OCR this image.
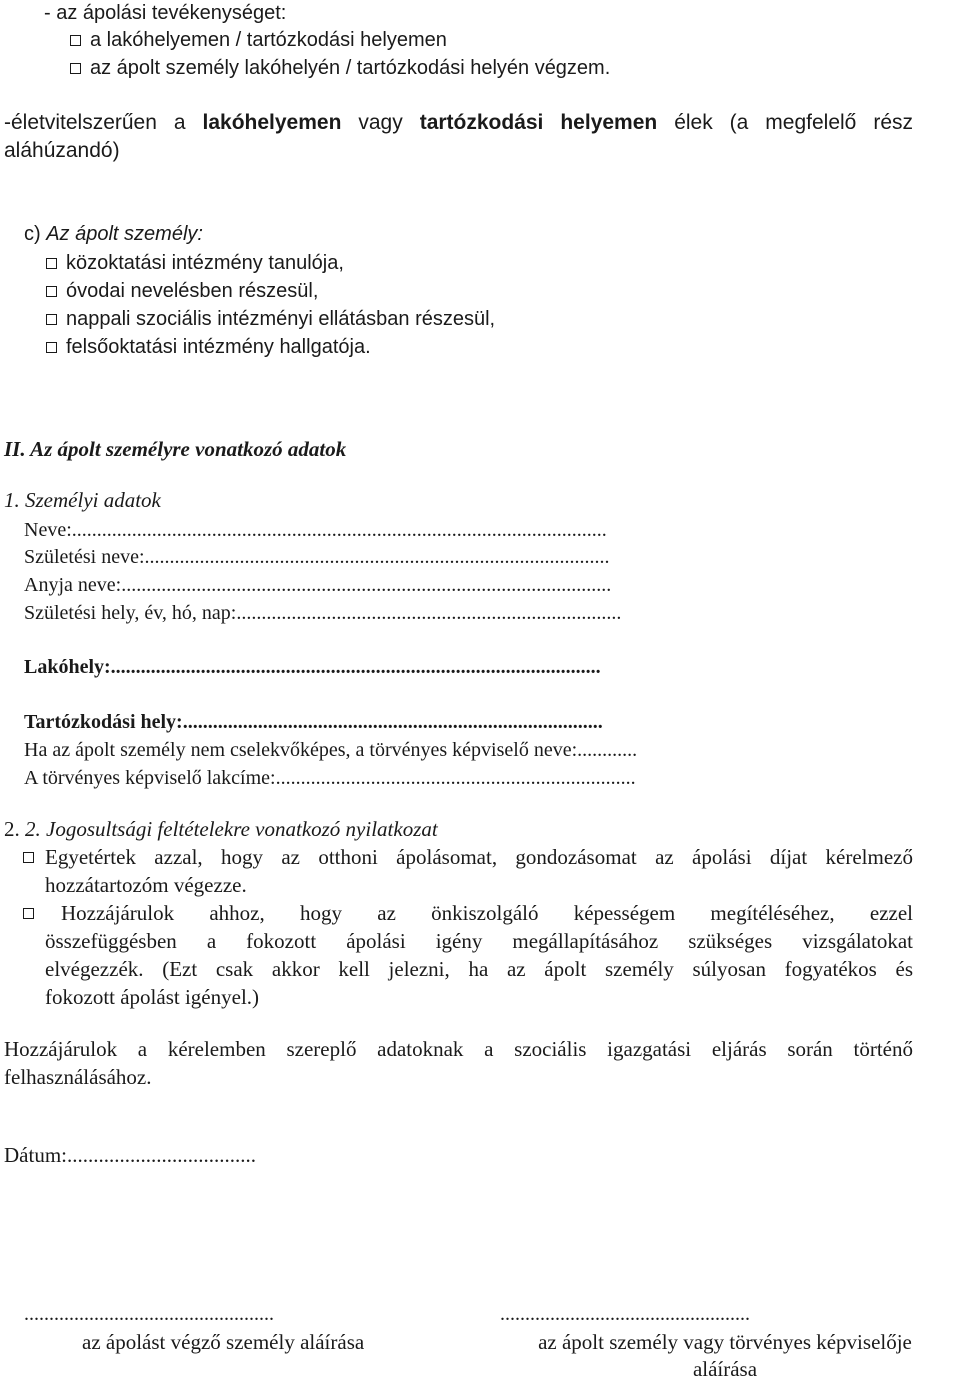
- az ápolási tevékenységet:
a lakóhelyemen / tartózkodási helyemen
az ápolt személy lakóhelyén / tartózkodási helyén végzem.
-életvitelszerűen a lakóhelyemen vagy tartózkodási helyemen élek (a megfelelő rész
aláhúzandó)
c) Az ápolt személy:
közoktatási intézmény tanulója,
óvodai nevelésben részesül,
nappali szociális intézményi ellátásban részesül,
felsőoktatási intézmény hallgatója.
II. Az ápolt személyre vonatkozó adatok
1. Személyi adatok
Neve:...........................................................................................................
Születési neve:.............................................................................................
Anyja neve:..................................................................................................
Születési hely, év, hó, nap:.............................................................................
Lakóhely:..................................................................................................
Tartózkodási hely:....................................................................................
Ha az ápolt személy nem cselekvőképes, a törvényes képviselő neve:............
A törvényes képviselő lakcíme:........................................................................
2. 2. Jogosultsági feltételekre vonatkozó nyilatkozat
Egyetértek azzal, hogy az otthoni ápolásomat, gondozásomat az ápolási díjat kérelmező
hozzátartozóm végezze.
Hozzájárulok ahhoz, hogy az önkiszolgáló képességem megítéléséhez, ezzel
összefüggésben a fokozott ápolási igény megállapításához szükséges vizsgálatokat
elvégezzék. (Ezt csak akkor kell jelezni, ha az ápolt személy súlyosan fogyatékos és
fokozott ápolást igényel.)
Hozzájárulok a kérelemben szereplő adatoknak a szociális igazgatási eljárás során történő
felhasználásához.
Dátum:....................................
..................................................
az ápolást végző személy aláírása
..................................................
az ápolt személy vagy törvényes képviselője
aláírása
